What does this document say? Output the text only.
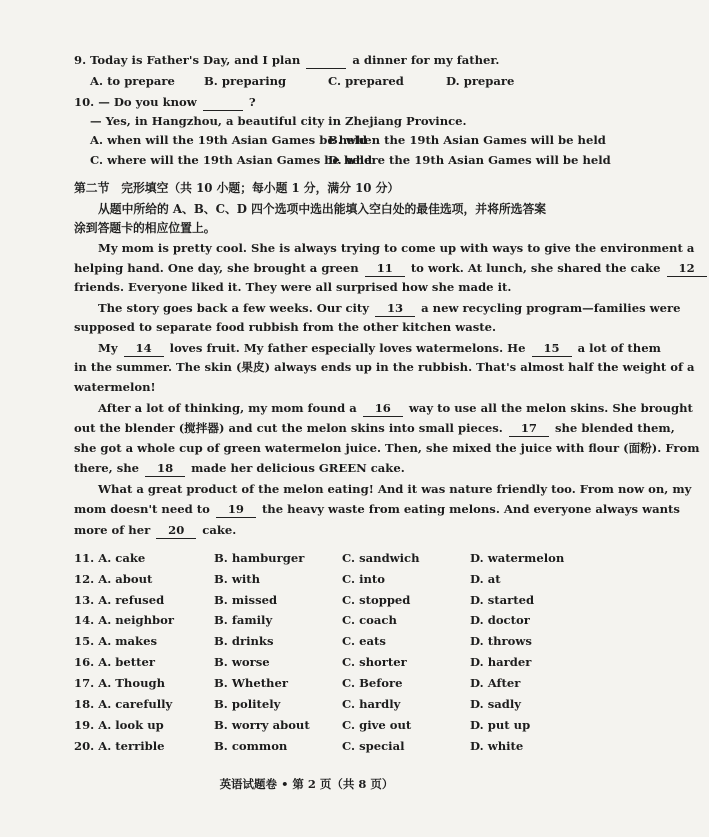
9. Today is Father's Day, and I plan	a dinner for my father.
A. to prepare	B. preparing	C. prepared	D. prepare
10. — Do you know	?
— Yes, in Hangzhou, a beautiful city in Zhejiang Province.
A. when will the 19th Asian Games be held
B. when the 19th Asian Games will be held
C. where will the 19th Asian Games be held
D. where the 19th Asian Games will be held
第二节　完形填空（共 10 小题；每小题 1 分，满分 10 分）
从题中所给的 A、B、C、D 四个选项中选出能填入空白处的最佳选项，并将所选答案
涂到答题卡的相应位置上。
My mom is pretty cool. She is always trying to come up with ways to give the environment a
helping hand. One day, she brought a green 11 to work. At lunch, she shared the cake 12
friends. Everyone liked it. They were all surprised how she made it.
The story goes back a few weeks. Our city 13 a new recycling program—families were
supposed to separate food rubbish from the other kitchen waste.
My 14 loves fruit. My father especially loves watermelons. He 15 a lot of them
in the summer. The skin (果皮) always ends up in the rubbish. That's almost half the weight of a
watermelon!
After a lot of thinking, my mom found a 16 way to use all the melon skins. She brought
out the blender (搅拌器) and cut the melon skins into small pieces. 17 she blended them,
she got a whole cup of green watermelon juice. Then, she mixed the juice with flour (面粉). From
there, she 18 made her delicious GREEN cake.
What a great product of the melon eating! And it was nature friendly too. From now on, my
mom doesn't need to 19 the heavy waste from eating melons. And everyone always wants
more of her 20 cake.
11. A. cake	B. hamburger	C. sandwich	D. watermelon
12. A. about	B. with	C. into	D. at
13. A. refused	B. missed	C. stopped	D. started
14. A. neighbor	B. family	C. coach	D. doctor
15. A. makes	B. drinks	C. eats	D. throws
16. A. better	B. worse	C. shorter	D. harder
17. A. Though	B. Whether	C. Before	D. After
18. A. carefully	B. politely	C. hardly	D. sadly
19. A. look up	B. worry about	C. give out	D. put up
20. A. terrible	B. common	C. special	D. white
英语试题卷 • 第 2 页（共 8 页）
